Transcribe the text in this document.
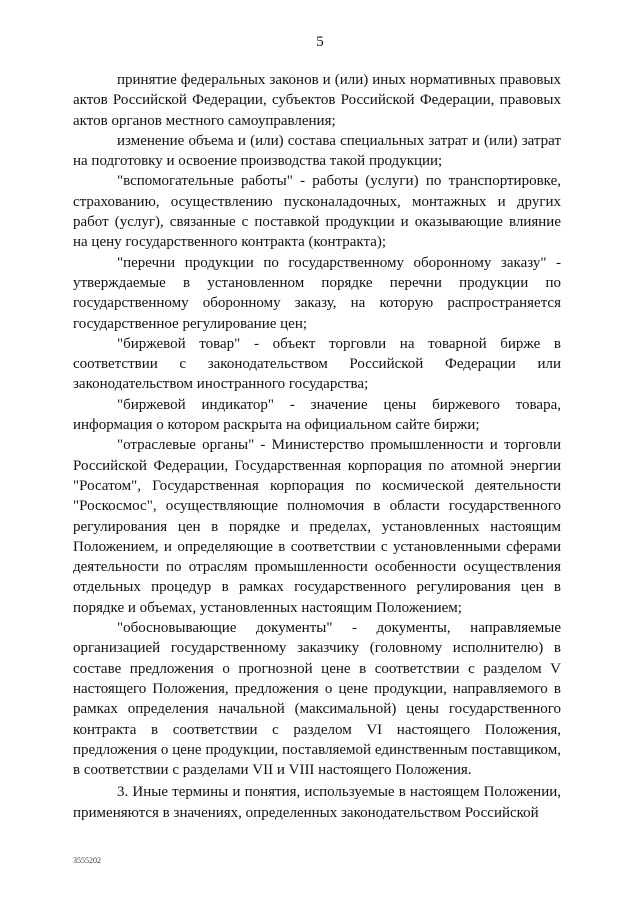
5

принятие федеральных законов и (или) иных нормативных правовых актов Российской Федерации, субъектов Российской Федерации, правовых актов органов местного самоуправления;

изменение объема и (или) состава специальных затрат и (или) затрат на подготовку и освоение производства такой продукции;

"вспомогательные работы" - работы (услуги) по транспортировке, страхованию, осуществлению пусконаладочных, монтажных и других работ (услуг), связанные с поставкой продукции и оказывающие влияние на цену государственного контракта (контракта);

"перечни продукции по государственному оборонному заказу" - утверждаемые в установленном порядке перечни продукции по государственному оборонному заказу, на которую распространяется государственное регулирование цен;

"биржевой товар" - объект торговли на товарной бирже в соответствии с законодательством Российской Федерации или законодательством иностранного государства;

"биржевой индикатор" - значение цены биржевого товара, информация о котором раскрыта на официальном сайте биржи;

"отраслевые органы" - Министерство промышленности и торговли Российской Федерации, Государственная корпорация по атомной энергии "Росатом", Государственная корпорация по космической деятельности "Роскосмос", осуществляющие полномочия в области государственного регулирования цен в порядке и пределах, установленных настоящим Положением, и определяющие в соответствии с установленными сферами деятельности по отраслям промышленности особенности осуществления отдельных процедур в рамках государственного регулирования цен в порядке и объемах, установленных настоящим Положением;

"обосновывающие документы" - документы, направляемые организацией государственному заказчику (головному исполнителю) в составе предложения о прогнозной цене в соответствии с разделом V настоящего Положения, предложения о цене продукции, направляемого в рамках определения начальной (максимальной) цены государственного контракта в соответствии с разделом VI настоящего Положения, предложения о цене продукции, поставляемой единственным поставщиком, в соответствии с разделами VII и VIII настоящего Положения.

3. Иные термины и понятия, используемые в настоящем Положении, применяются в значениях, определенных законодательством Российской

3555202
